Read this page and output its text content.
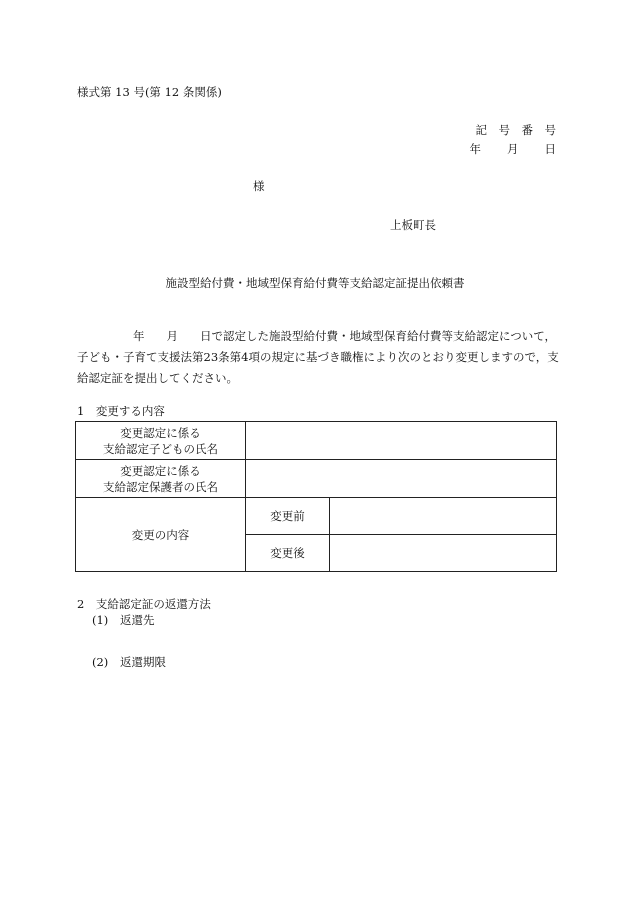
様式第 13 号(第 12 条関係)
記　号　番　号
年 月 日
様
上板町長
施設型給付費・地域型保育給付費等支給認定証提出依頼書
年 月 日で認定した施設型給付費・地域型保育給付費等支給認定について，子ども・子育て支援法第23条第4項の規定に基づき職権により次のとおり変更しますので，支給認定証を提出してください。
1　変更する内容
変更認定に係る
支給認定子どもの氏名		

変更認定に係る
支給認定保護者の氏名		

変更の内容	変更前	
	変更後	
2　支給認定証の返還方法
(1) 返還先
(2) 返還期限
